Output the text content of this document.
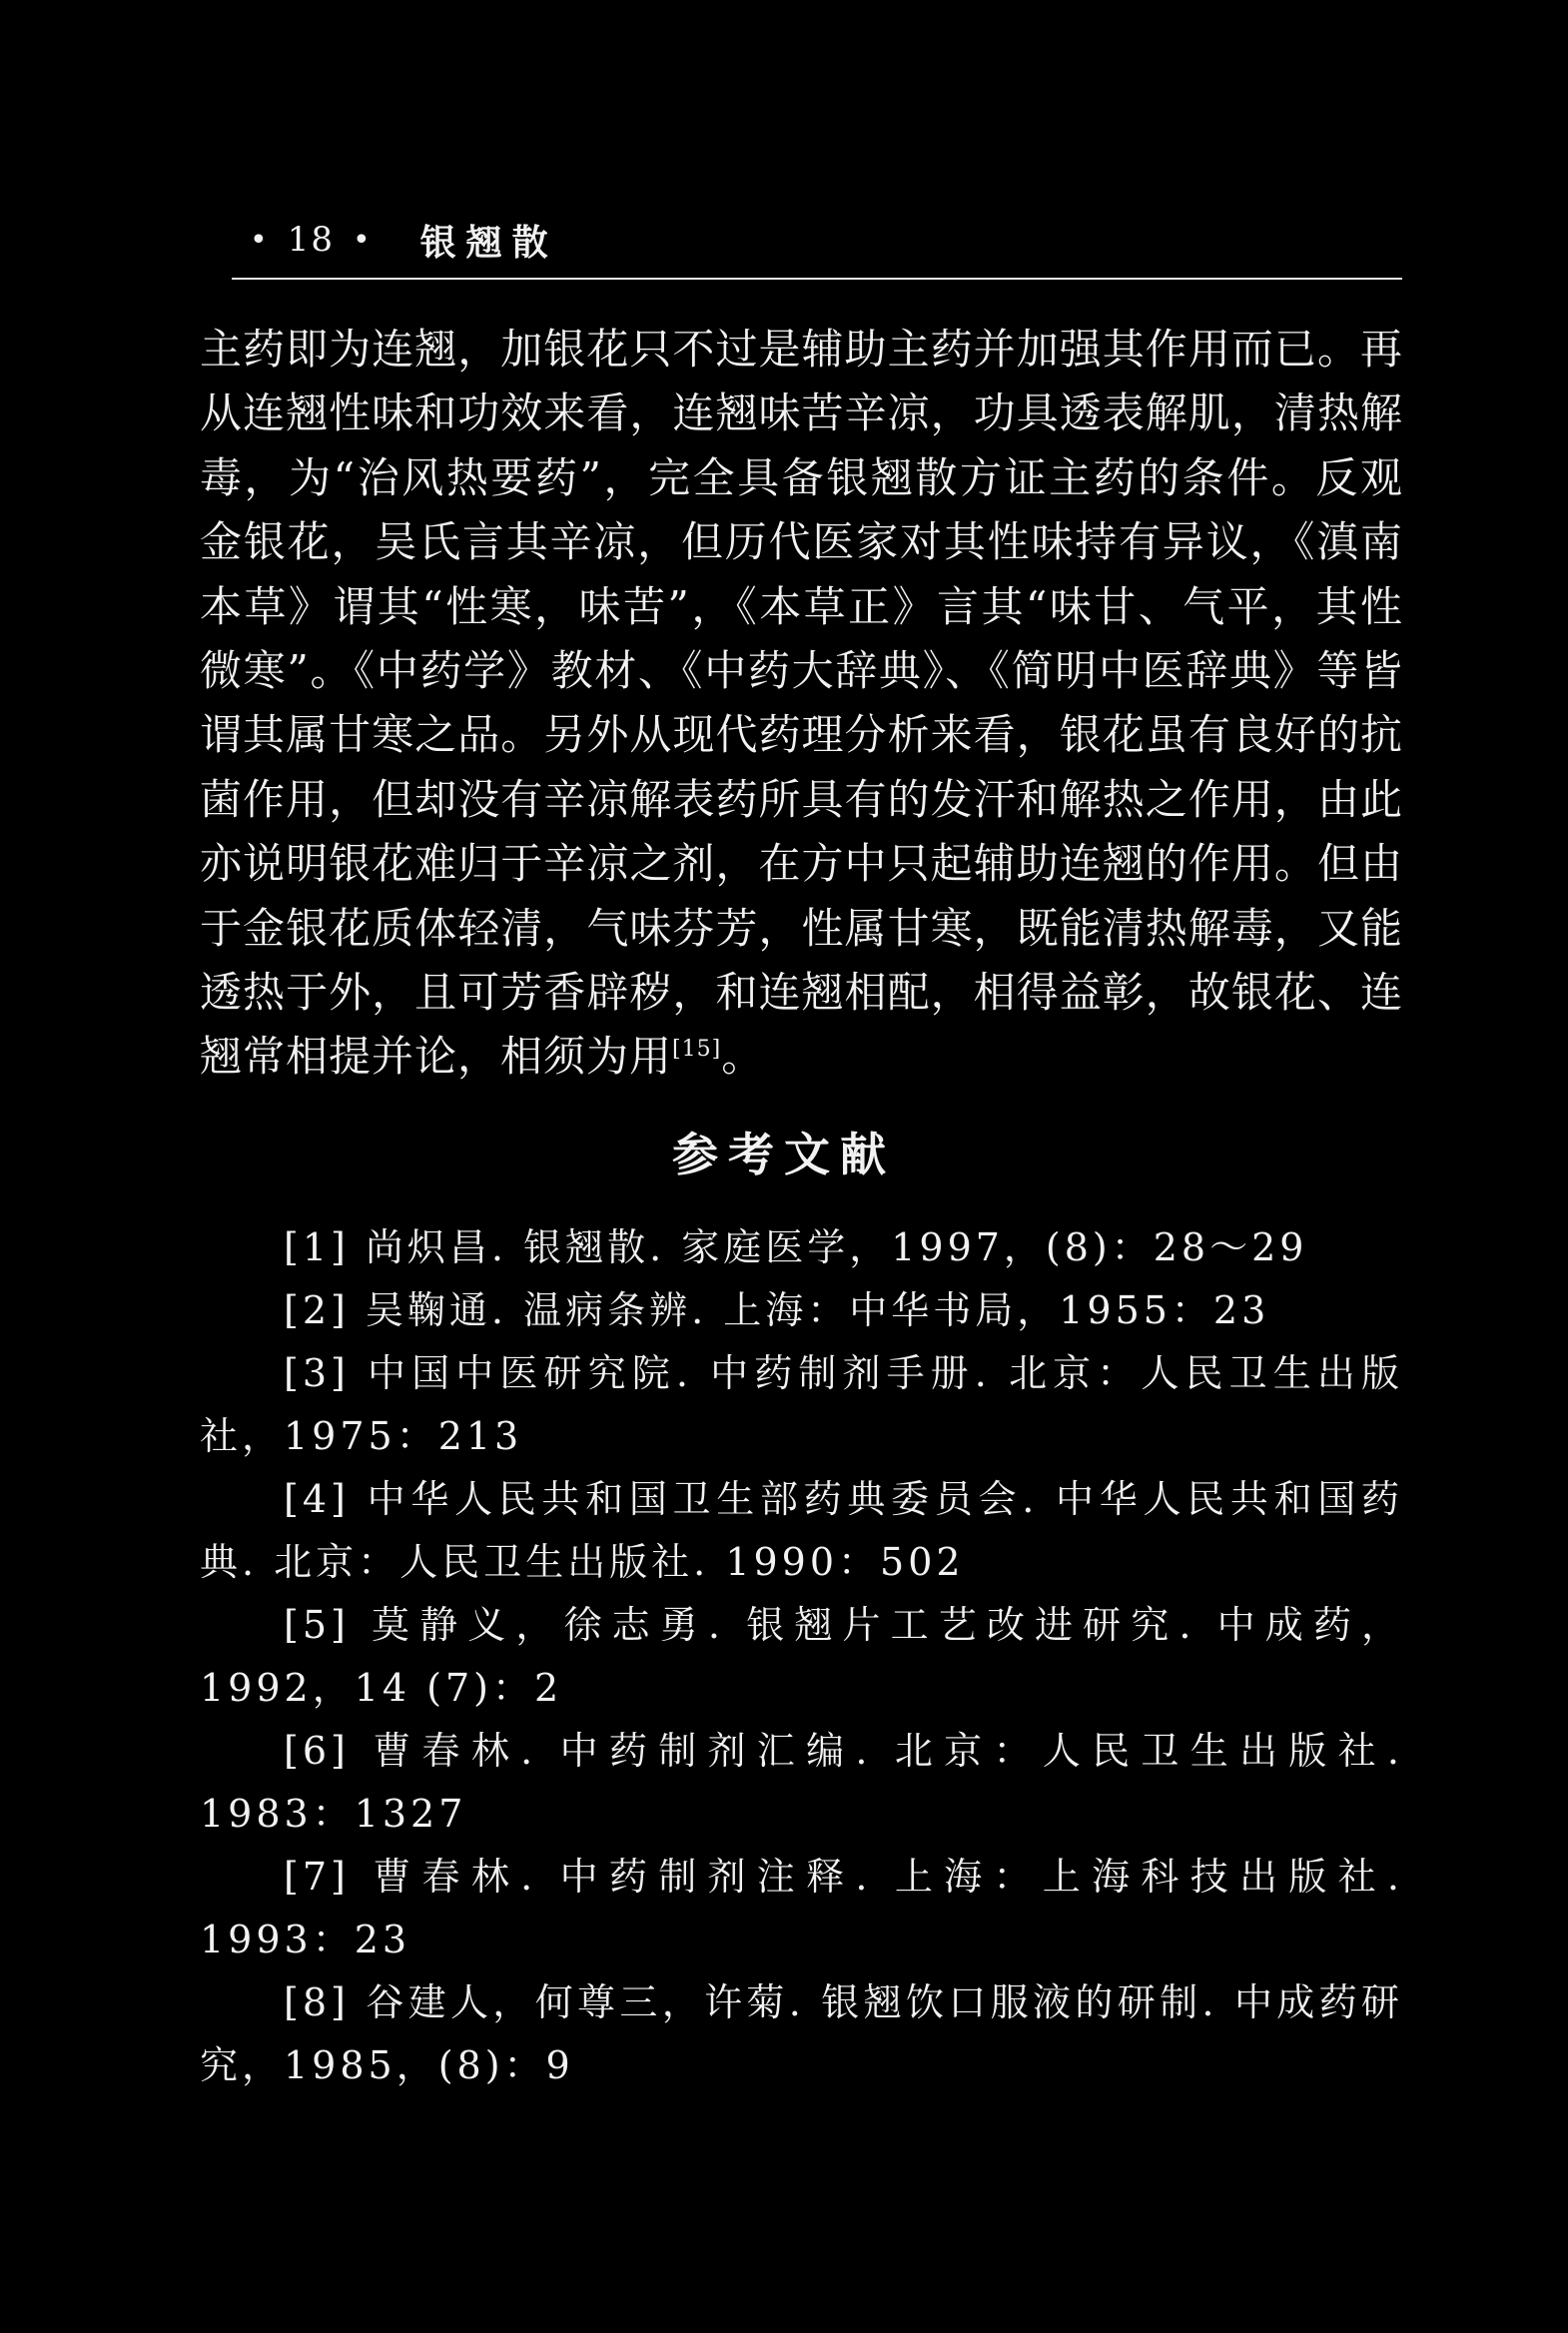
• 18 • 银翘散

主药即为连翘，加银花只不过是辅助主药并加强其作用而已。再从连翘性味和功效来看，连翘味苦辛凉，功具透表解肌，清热解毒，为“治风热要药”，完全具备银翘散方证主药的条件。反观金银花，吴氏言其辛凉，但历代医家对其性味持有异议，《滇南本草》谓其“性寒，味苦”，《本草正》言其“味甘、气平，其性微寒”。《中药学》教材、《中药大辞典》、《简明中医辞典》等皆谓其属甘寒之品。另外从现代药理分析来看，银花虽有良好的抗菌作用，但却没有辛凉解表药所具有的发汗和解热之作用，由此亦说明银花难归于辛凉之剂，在方中只起辅助连翘的作用。但由于金银花质体轻清，气味芬芳，性属甘寒，既能清热解毒，又能透热于外，且可芳香辟秽，和连翘相配，相得益彰，故银花、连翘常相提并论，相须为用[15]。

参考文献
[1] 尚炽昌. 银翘散. 家庭医学，1997，(8)：28～29
[2] 吴鞠通. 温病条辨. 上海：中华书局，1955：23
[3] 中国中医研究院. 中药制剂手册. 北京：人民卫生出版社，1975：213
[4] 中华人民共和国卫生部药典委员会. 中华人民共和国药典. 北京：人民卫生出版社. 1990：502
[5] 莫静义，徐志勇. 银翘片工艺改进研究. 中成药，1992，14 (7)：2
[6] 曹春林. 中药制剂汇编. 北京：人民卫生出版社. 1983：1327
[7] 曹春林. 中药制剂注释. 上海：上海科技出版社. 1993：23
[8] 谷建人，何尊三，许菊. 银翘饮口服液的研制. 中成药研究，1985，(8)：9
